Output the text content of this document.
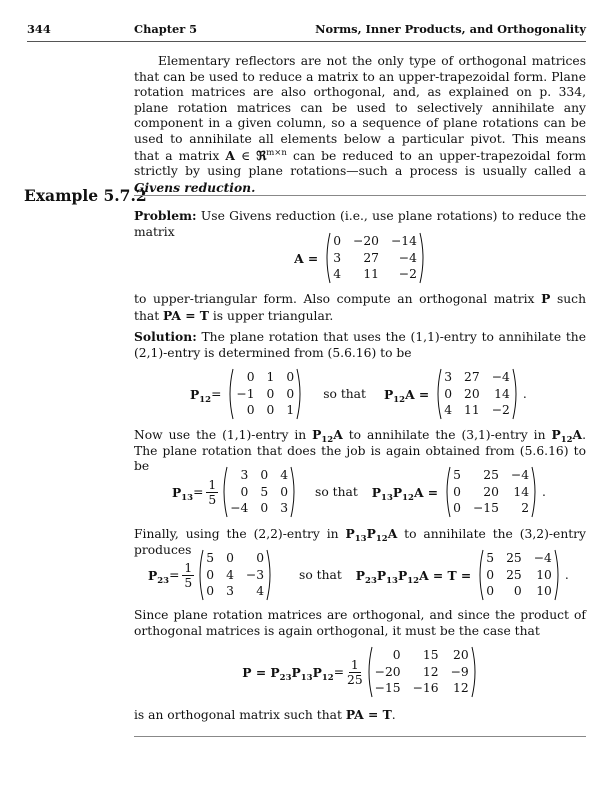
344	Chapter 5	Norms, Inner Products, and Orthogonality

Elementary reflectors are not the only type of orthogonal matrices that can be used to reduce a matrix to an upper-trapezoidal form. Plane rotation matrices are also orthogonal, and, as explained on p. 334, plane rotation matrices can be used to selectively annihilate any component in a given column, so a sequence of plane rotations can be used to annihilate all elements below a particular pivot. This means that a matrix A ∈ ℜ$^{m\times n}$ can be reduced to an upper-trapezoidal form strictly by using plane rotations—such a process is usually called a Givens reduction.

Example 5.7.2

Problem: Use Givens reduction (i.e., use plane rotations) to reduce the matrix

A =
0 −20 −14
3	27	−4
4	11	−2

to upper-triangular form. Also compute an orthogonal matrix P such that PA = T is upper triangular.

Solution: The plane rotation that uses the (1,1)-entry to annihilate the (2,1)-entry is determined from (5.6.16) to be

$P_{12}$ =
0 1 0
−1 0 0
0 0 1
so that $P_{12}A$ =
3 27 −4
0 20 14
4 11 −2
.

Now use the (1,1)-entry in $P_{12}A$ to annihilate the (3,1)-entry in $P_{12}A$. The plane rotation that does the job is again obtained from (5.6.16) to be

$P_{13} = \frac{1}{5}$
3 0 4
0 5 0
−4 0 3
so that $P_{13}P_{12}A$ =
5	25 −4
0	20 14
0 −15	2
.

Finally, using the (2,2)-entry in $P_{13}P_{12}A$ to annihilate the (3,2)-entry produces

$P_{23} = \frac{1}{5}$
5 0	0
0 4 −3
0 3	4
so that $P_{23}P_{13}P_{12}A = T$ =
5 25 −4
0 25 10
0	0 10
.

Since plane rotation matrices are orthogonal, and since the product of orthogonal matrices is again orthogonal, it must be the case that

$P = P_{23}P_{13}P_{12} = \frac{1}{25}$
0	15 20
−20	12 −9
−15 −16 12

is an orthogonal matrix such that PA = T.
